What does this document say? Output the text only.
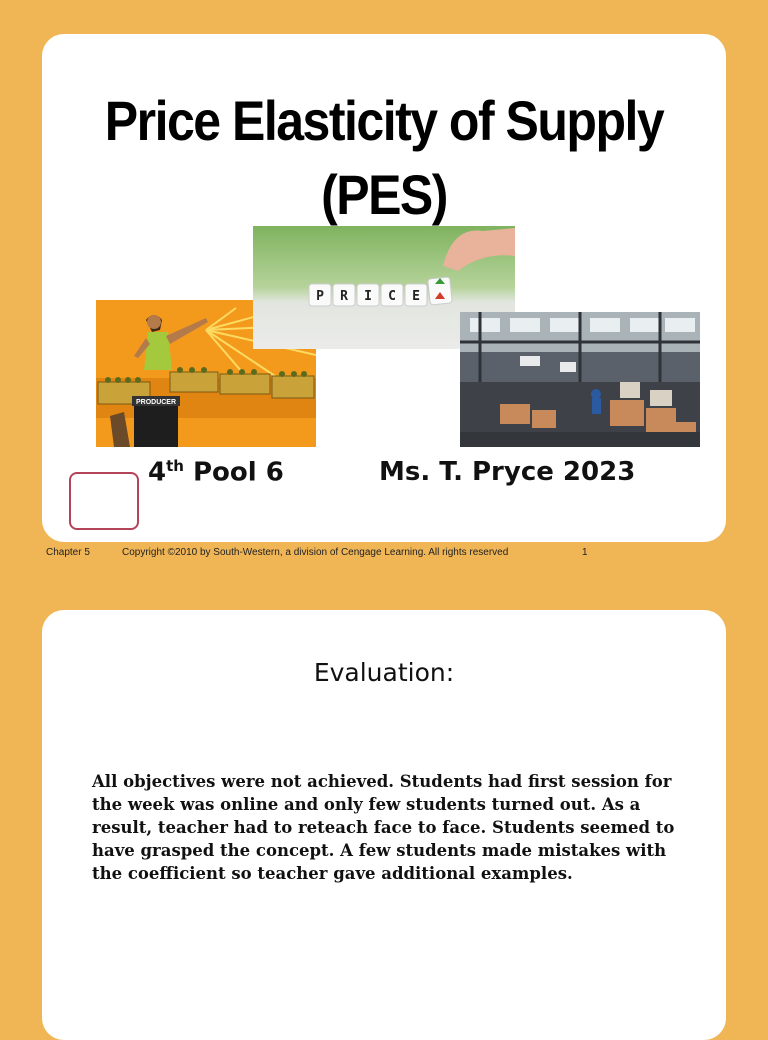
Price Elasticity of Supply
(PES)
PRODUCER
P R I C E
4th Pool 6	Ms. T. Pryce 2023
Chapter 5	Copyright ©2010 by South-Western, a division of Cengage Learning. All rights reserved	1
Evaluation:
All objectives were not achieved. Students had first session for the week was online and only few students turned out. As a result, teacher had to reteach face to face. Students seemed to have grasped the concept. A few students made mistakes with the coefficient so teacher gave additional examples.
